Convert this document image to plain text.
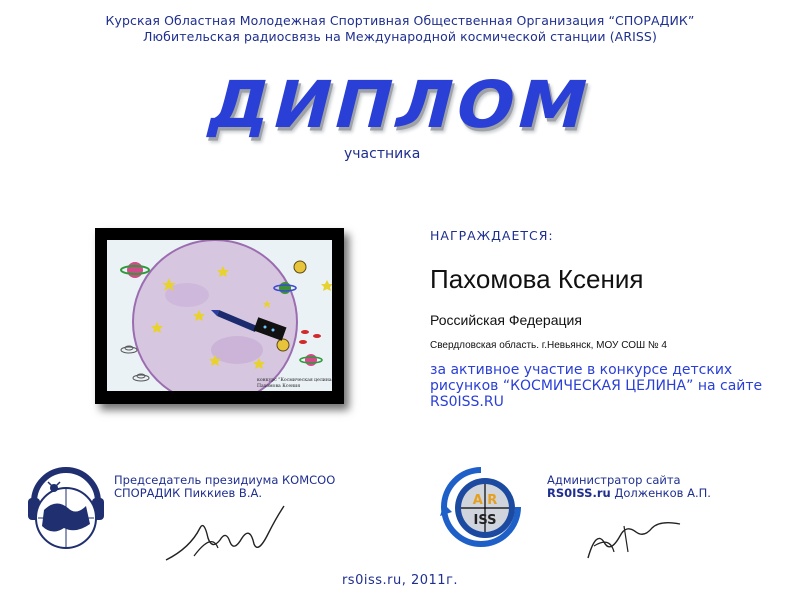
Курская Областная Молодежная Спортивная Общественная Организация “СПОРАДИК”
Любительская радиосвязь на Международной космической станции (ARISS)
ДИПЛОМ
участника
конкурс "Космическая целина"
Пахомова Ксения
НАГРАЖДАЕТСЯ:
Пахомова Ксения
Российская Федерация
Свердловская область. г.Невьянск, МОУ СОШ № 4
за активное участие в конкурсе детских рисунков “КОСМИЧЕСКАЯ ЦЕЛИНА” на сайте RS0ISS.RU
Председатель президиума КОМСОО
СПОРАДИК Пиккиев В.А.	A R
ISS
Администратор сайта
RS0ISS.ru Долженков А.П.
rs0iss.ru, 2011г.
